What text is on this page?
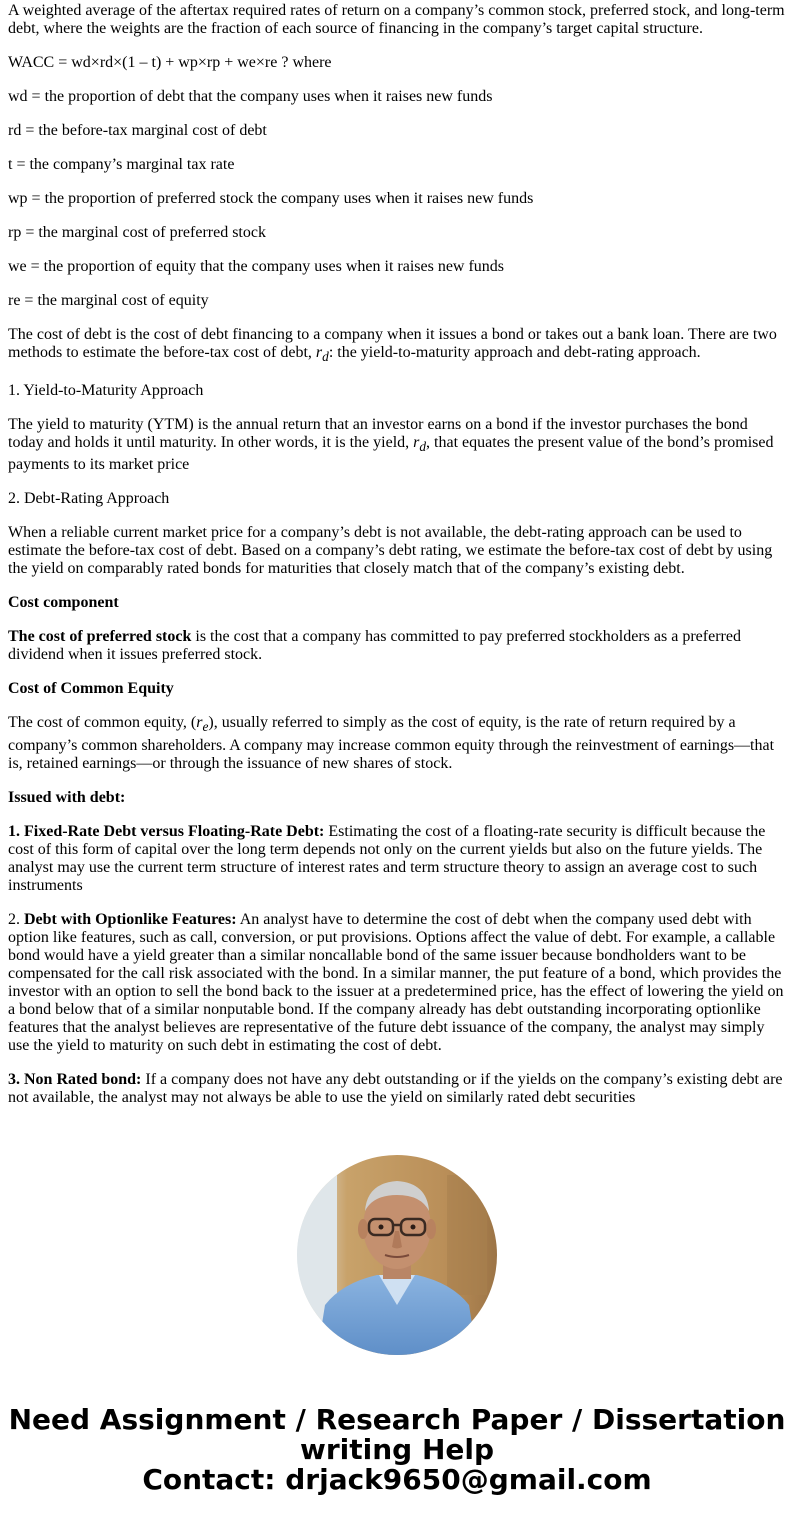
A weighted average of the aftertax required rates of return on a company’s common stock, preferred stock, and long-term debt, where the weights are the fraction of each source of financing in the company’s target capital structure.

WACC = wd×rd×(1 – t) + wp×rp + we×re ? where

wd = the proportion of debt that the company uses when it raises new funds

rd = the before-tax marginal cost of debt

t = the company’s marginal tax rate

wp = the proportion of preferred stock the company uses when it raises new funds

rp = the marginal cost of preferred stock

we = the proportion of equity that the company uses when it raises new funds

re = the marginal cost of equity

The cost of debt is the cost of debt financing to a company when it issues a bond or takes out a bank loan. There are two methods to estimate the before-tax cost of debt, $r_d$: the yield-to-maturity approach and debt-rating approach.

1. Yield-to-Maturity Approach

The yield to maturity (YTM) is the annual return that an investor earns on a bond if the investor purchases the bond today and holds it until maturity. In other words, it is the yield, $r_d$, that equates the present value of the bond’s promised payments to its market price

2. Debt-Rating Approach

When a reliable current market price for a company’s debt is not available, the debt-rating approach can be used to estimate the before-tax cost of debt. Based on a company’s debt rating, we estimate the before-tax cost of debt by using the yield on comparably rated bonds for maturities that closely match that of the company’s existing debt.

Cost component

The cost of preferred stock is the cost that a company has committed to pay preferred stockholders as a preferred dividend when it issues preferred stock.

Cost of Common Equity

The cost of common equity, $(r_e)$, usually referred to simply as the cost of equity, is the rate of return required by a company’s common shareholders. A company may increase common equity through the reinvestment of earnings—that is, retained earnings—or through the issuance of new shares of stock.

Issued with debt:

1. Fixed-Rate Debt versus Floating-Rate Debt: Estimating the cost of a floating-rate security is difficult because the cost of this form of capital over the long term depends not only on the current yields but also on the future yields. The analyst may use the current term structure of interest rates and term structure theory to assign an average cost to such instruments

2. Debt with Optionlike Features: An analyst have to determine the cost of debt when the company used debt with option like features, such as call, conversion, or put provisions. Options affect the value of debt. For example, a callable bond would have a yield greater than a similar noncallable bond of the same issuer because bondholders want to be compensated for the call risk associated with the bond. In a similar manner, the put feature of a bond, which provides the investor with an option to sell the bond back to the issuer at a predetermined price, has the effect of lowering the yield on a bond below that of a similar nonputable bond. If the company already has debt outstanding incorporating optionlike features that the analyst believes are representative of the future debt issuance of the company, the analyst may simply use the yield to maturity on such debt in estimating the cost of debt.

3. Non Rated bond: If a company does not have any debt outstanding or if the yields on the company’s existing debt are not available, the analyst may not always be able to use the yield on similarly rated debt securities

Need Assignment / Research Paper / Dissertation writing Help
Contact: drjack9650@gmail.com
